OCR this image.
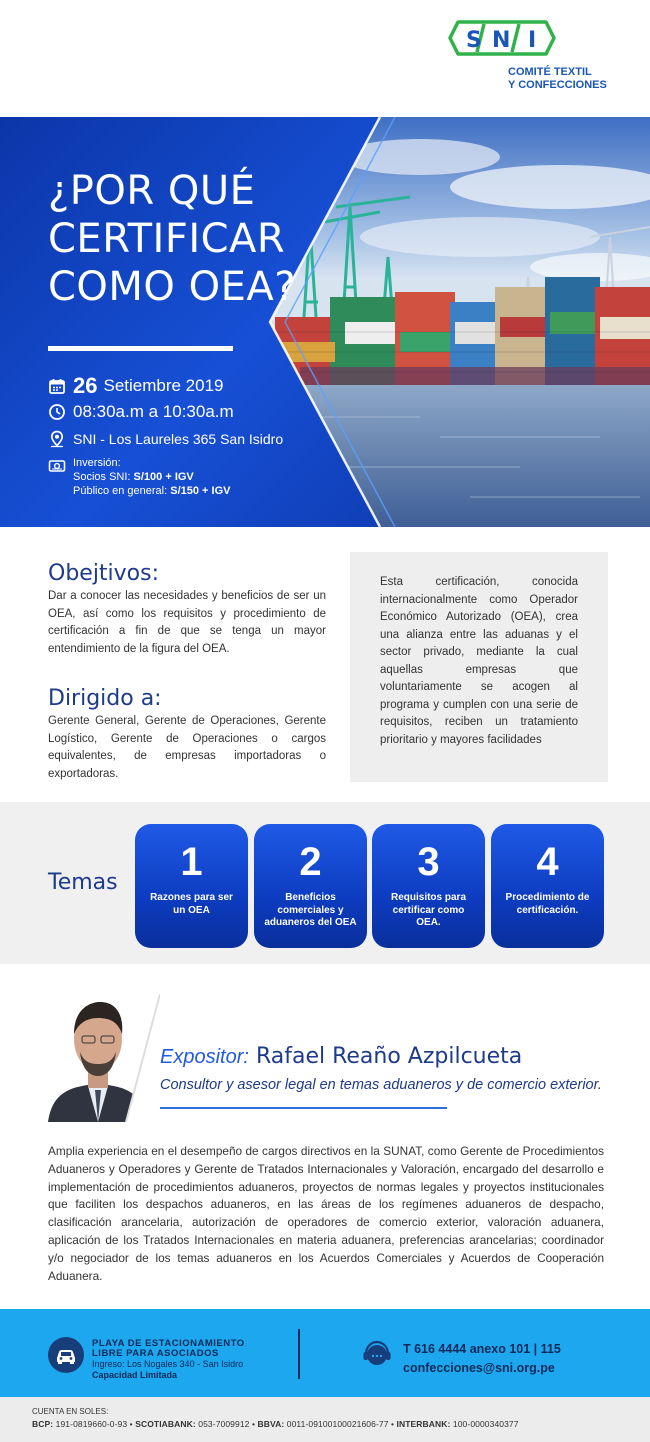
S N I
COMITÉ TEXTIL
Y CONFECCIONES
¿POR QUÉ
CERTIFICAR
COMO OEA?
26 Setiembre 2019
08:30a.m a 10:30a.m
SNI - Los Laureles 365 San Isidro
Inversión:
Socios SNI: S/100 + IGV
Público en general: S/150 + IGV
Obejtivos:
Dar a conocer las necesidades y beneficios de ser un OEA, así como los requisitos y procedimiento de certificación a fin de que se tenga un mayor entendimiento de la figura del OEA.
Dirigido a:
Gerente General, Gerente de Operaciones, Gerente Logístico, Gerente de Operaciones o cargos equivalentes, de empresas importadoras o exportadoras.
Esta certificación, conocida internacionalmente como Operador Económico Autorizado (OEA), crea una alianza entre las aduanas y el sector privado, mediante la cual aquellas empresas que voluntariamente se acogen al programa y cumplen con una serie de requisitos, reciben un tratamiento prioritario y mayores facilidades
Temas	1
Razones para ser un OEA
2
Beneficios comerciales y aduaneros del OEA
3
Requisitos para certificar como OEA.
4
Procedimiento de certificación.
Expositor: Rafael Reaño Azpilcueta
Consultor y asesor legal en temas aduaneros y de comercio exterior.
Amplia experiencia en el desempeño de cargos directivos en la SUNAT, como Gerente de Procedimientos Aduaneros y Operadores y Gerente de Tratados Internacionales y Valoración, encargado del desarrollo e implementación de procedimientos aduaneros, proyectos de normas legales y proyectos institucionales que faciliten los despachos aduaneros, en las áreas de los regímenes aduaneros de despacho, clasificación arancelaria, autorización de operadores de comercio exterior, valoración aduanera, aplicación de los Tratados Internacionales en materia aduanera, preferencias arancelarias; coordinador y/o negociador de los temas aduaneros en los Acuerdos Comerciales y Acuerdos de Cooperación Aduanera.
PLAYA DE ESTACIONAMIENTO
LIBRE PARA ASOCIADOS
Ingreso: Los Nogales 340 - San Isidro
Capacidad Limitada
T 616 4444 anexo 101 | 115
confecciones@sni.org.pe
CUENTA EN SOLES:
BCP: 191-0819660-0-93 • SCOTIABANK: 053-7009912 • BBVA: 0011-09100100021606-77 • INTERBANK: 100-0000340377
